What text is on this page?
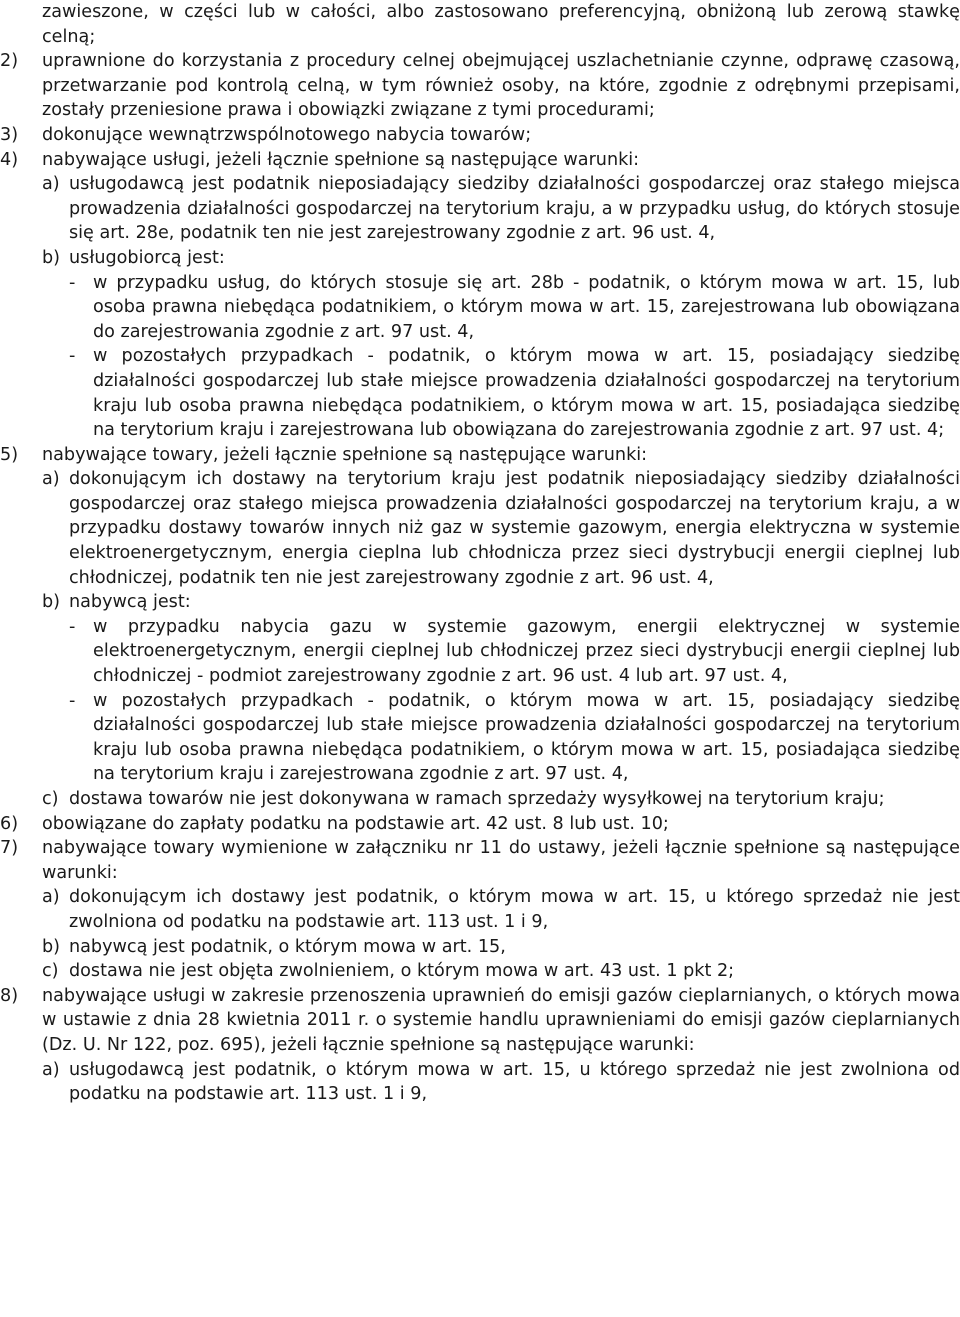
zawieszone, w części lub w całości, albo zastosowano preferencyjną, obniżoną lub zerową stawkę celną;
2) uprawnione do korzystania z procedury celnej obejmującej uszlachetnianie czynne, odprawę czasową, przetwarzanie pod kontrolą celną, w tym również osoby, na które, zgodnie z odrębnymi przepisami, zostały przeniesione prawa i obowiązki związane z tymi procedurami;
3) dokonujące wewnątrzwspólnotowego nabycia towarów;
4) nabywające usługi, jeżeli łącznie spełnione są następujące warunki:
a) usługodawcą jest podatnik nieposiadający siedziby działalności gospodarczej oraz stałego miejsca prowadzenia działalności gospodarczej na terytorium kraju, a w przypadku usług, do których stosuje się art. 28e, podatnik ten nie jest zarejestrowany zgodnie z art. 96 ust. 4,
b) usługobiorcą jest:
- w przypadku usług, do których stosuje się art. 28b - podatnik, o którym mowa w art. 15, lub osoba prawna niebędąca podatnikiem, o którym mowa w art. 15, zarejestrowana lub obowiązana do zarejestrowania zgodnie z art. 97 ust. 4,
- w pozostałych przypadkach - podatnik, o którym mowa w art. 15, posiadający siedzibę działalności gospodarczej lub stałe miejsce prowadzenia działalności gospodarczej na terytorium kraju lub osoba prawna niebędąca podatnikiem, o którym mowa w art. 15, posiadająca siedzibę na terytorium kraju i zarejestrowana lub obowiązana do zarejestrowania zgodnie z art. 97 ust. 4;
5) nabywające towary, jeżeli łącznie spełnione są następujące warunki:
a) dokonującym ich dostawy na terytorium kraju jest podatnik nieposiadający siedziby działalności gospodarczej oraz stałego miejsca prowadzenia działalności gospodarczej na terytorium kraju, a w przypadku dostawy towarów innych niż gaz w systemie gazowym, energia elektryczna w systemie elektroenergetycznym, energia cieplna lub chłodnicza przez sieci dystrybucji energii cieplnej lub chłodniczej, podatnik ten nie jest zarejestrowany zgodnie z art. 96 ust. 4,
b) nabywcą jest:
- w przypadku nabycia gazu w systemie gazowym, energii elektrycznej w systemie elektroenergetycznym, energii cieplnej lub chłodniczej przez sieci dystrybucji energii cieplnej lub chłodniczej - podmiot zarejestrowany zgodnie z art. 96 ust. 4 lub art. 97 ust. 4,
- w pozostałych przypadkach - podatnik, o którym mowa w art. 15, posiadający siedzibę działalności gospodarczej lub stałe miejsce prowadzenia działalności gospodarczej na terytorium kraju lub osoba prawna niebędąca podatnikiem, o którym mowa w art. 15, posiadająca siedzibę na terytorium kraju i zarejestrowana zgodnie z art. 97 ust. 4,
c) dostawa towarów nie jest dokonywana w ramach sprzedaży wysyłkowej na terytorium kraju;
6) obowiązane do zapłaty podatku na podstawie art. 42 ust. 8 lub ust. 10;
7) nabywające towary wymienione w załączniku nr 11 do ustawy, jeżeli łącznie spełnione są następujące warunki:
a) dokonującym ich dostawy jest podatnik, o którym mowa w art. 15, u którego sprzedaż nie jest zwolniona od podatku na podstawie art. 113 ust. 1 i 9,
b) nabywcą jest podatnik, o którym mowa w art. 15,
c) dostawa nie jest objęta zwolnieniem, o którym mowa w art. 43 ust. 1 pkt 2;
8) nabywające usługi w zakresie przenoszenia uprawnień do emisji gazów cieplarnianych, o których mowa w ustawie z dnia 28 kwietnia 2011 r. o systemie handlu uprawnieniami do emisji gazów cieplarnianych (Dz. U. Nr 122, poz. 695), jeżeli łącznie spełnione są następujące warunki:
a) usługodawcą jest podatnik, o którym mowa w art. 15, u którego sprzedaż nie jest zwolniona od podatku na podstawie art. 113 ust. 1 i 9,
